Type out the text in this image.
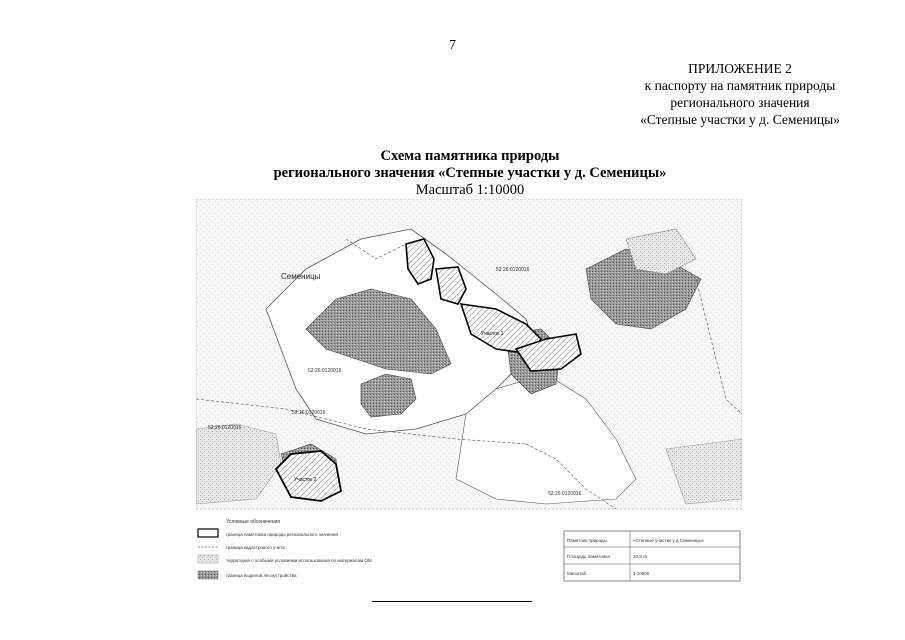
7
ПРИЛОЖЕНИЕ 2
к паспорту на памятник природы
регионального значения
«Степные участки у д. Семеницы»
Схема памятника природы
регионального значения «Степные участки у д. Семеницы»
Масштаб 1:10000
Семеницы
52:26:0120016
52:26:0120016
52:26:0120016
52:26:0120016
52:26:0120016
Участок 1
Участок 2
Условные обозначения
граница памятника природы регионального значения
граница кадастрового учета
территория с особыми условиями использования по материалам ОМ
граница выделов лесоустройства
Памятник природы	«Степные участки у д.Семеницы»
Площадь памятника	20,8 га
Масштаб	1:10000
